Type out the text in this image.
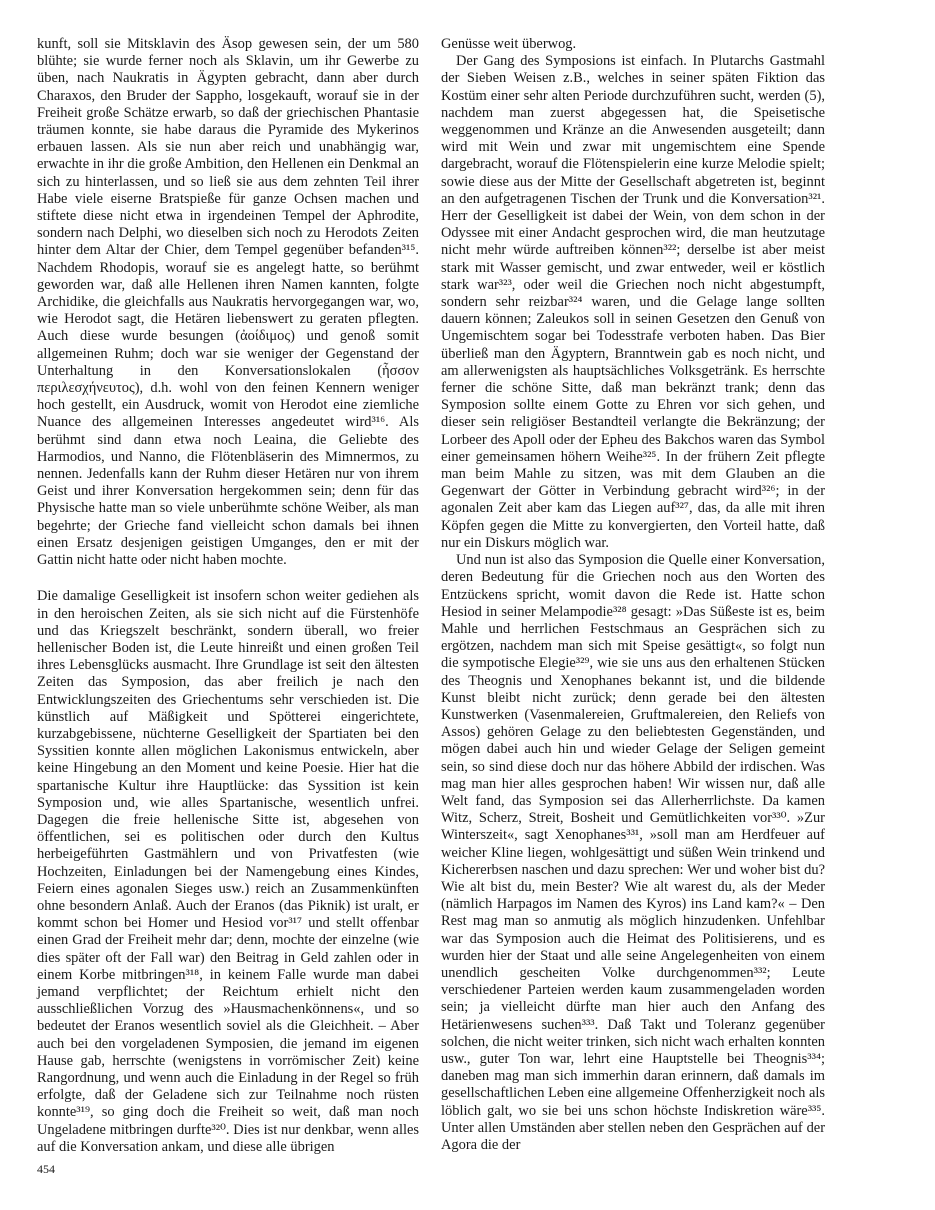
kunft, soll sie Mitsklavin des Äsop gewesen sein, der um 580 blühte; sie wurde ferner noch als Sklavin, um ihr Gewerbe zu üben, nach Naukratis in Ägypten gebracht, dann aber durch Charaxos, den Bruder der Sappho, losgekauft, worauf sie in der Freiheit große Schätze erwarb, so daß der griechischen Phantasie träumen konnte, sie habe daraus die Pyramide des Mykerinos erbauen lassen. Als sie nun aber reich und unabhängig war, erwachte in ihr die große Ambition, den Hellenen ein Denkmal an sich zu hinterlassen, und so ließ sie aus dem zehnten Teil ihrer Habe viele eiserne Bratspieße für ganze Ochsen machen und stiftete diese nicht etwa in irgendeinen Tempel der Aphrodite, sondern nach Delphi, wo dieselben sich noch zu Herodots Zeiten hinter dem Altar der Chier, dem Tempel gegenüber befanden³¹⁵. Nachdem Rhodopis, worauf sie es angelegt hatte, so berühmt geworden war, daß alle Hellenen ihren Namen kannten, folgte Archidike, die gleichfalls aus Naukratis hervorgegangen war, wo, wie Herodot sagt, die Hetären liebenswert zu geraten pflegten. Auch diese wurde besungen (ἀοίδιμος) und genoß somit allgemeinen Ruhm; doch war sie weniger der Gegenstand der Unterhaltung in den Konversationslokalen (ἧσσον περιλεσχήνευτος), d.h. wohl von den feinen Kennern weniger hoch gestellt, ein Ausdruck, womit von Herodot eine ziemliche Nuance des allgemeinen Interesses angedeutet wird³¹⁶. Als berühmt sind dann etwa noch Leaina, die Geliebte des Harmodios, und Nanno, die Flötenbläserin des Mimnermos, zu nennen. Jedenfalls kann der Ruhm dieser Hetären nur von ihrem Geist und ihrer Konversation hergekommen sein; denn für das Physische hatte man so viele unberühmte schöne Weiber, als man begehrte; der Grieche fand vielleicht schon damals bei ihnen einen Ersatz desjenigen geistigen Umganges, den er mit der Gattin nicht hatte oder nicht haben mochte.

Die damalige Geselligkeit ist insofern schon weiter gediehen als in den heroischen Zeiten, als sie sich nicht auf die Fürstenhöfe und das Kriegszelt beschränkt, sondern überall, wo freier hellenischer Boden ist, die Leute hinreißt und einen großen Teil ihres Lebensglücks ausmacht. Ihre Grundlage ist seit den ältesten Zeiten das Symposion, das aber freilich je nach den Entwicklungszeiten des Griechentums sehr verschieden ist. Die künstlich auf Mäßigkeit und Spötterei eingerichtete, kurzabgebissene, nüchterne Geselligkeit der Spartiaten bei den Syssitien konnte allen möglichen Lakonismus entwickeln, aber keine Hingebung an den Moment und keine Poesie. Hier hat die spartanische Kultur ihre Hauptlücke: das Syssition ist kein Symposion und, wie alles Spartanische, wesentlich unfrei. Dagegen die freie hellenische Sitte ist, abgesehen von öffentlichen, sei es politischen oder durch den Kultus herbeigeführten Gastmählern und von Privatfesten (wie Hochzeiten, Einladungen bei der Namengebung eines Kindes, Feiern eines agonalen Sieges usw.) reich an Zusammenkünften ohne besondern Anlaß. Auch der Eranos (das Piknik) ist uralt, er kommt schon bei Homer und Hesiod vor³¹⁷ und stellt offenbar einen Grad der Freiheit mehr dar; denn, mochte der einzelne (wie dies später oft der Fall war) den Beitrag in Geld zahlen oder in einem Korbe mitbringen³¹⁸, in keinem Falle wurde man dabei jemand verpflichtet; der Reichtum erhielt nicht den ausschließlichen Vorzug des »Hausmachenkönnens«, und so bedeutet der Eranos wesentlich soviel als die Gleichheit. – Aber auch bei den vorgeladenen Symposien, die jemand im eigenen Hause gab, herrschte (wenigstens in vorrömischer Zeit) keine Rangordnung, und wenn auch die Einladung in der Regel so früh erfolgte, daß der Geladene sich zur Teilnahme noch rüsten konnte³¹⁹, so ging doch die Freiheit so weit, daß man noch Ungeladene mitbringen durfte³²⁰. Dies ist nur denkbar, wenn alles auf die Konversation ankam, und diese alle übrigen

Genüsse weit überwog.

Der Gang des Symposions ist einfach. In Plutarchs Gastmahl der Sieben Weisen z.B., welches in seiner späten Fiktion das Kostüm einer sehr alten Periode durchzuführen sucht, werden (5), nachdem man zuerst abgegessen hat, die Speisetische weggenommen und Kränze an die Anwesenden ausgeteilt; dann wird mit Wein und zwar mit ungemischtem eine Spende dargebracht, worauf die Flötenspielerin eine kurze Melodie spielt; sowie diese aus der Mitte der Gesellschaft abgetreten ist, beginnt an den aufgetragenen Tischen der Trunk und die Konversation³²¹. Herr der Geselligkeit ist dabei der Wein, von dem schon in der Odyssee mit einer Andacht gesprochen wird, die man heutzutage nicht mehr würde auftreiben können³²²; derselbe ist aber meist stark mit Wasser gemischt, und zwar entweder, weil er köstlich stark war³²³, oder weil die Griechen noch nicht abgestumpft, sondern sehr reizbar³²⁴ waren, und die Gelage lange sollten dauern können; Zaleukos soll in seinen Gesetzen den Genuß von Ungemischtem sogar bei Todesstrafe verboten haben. Das Bier überließ man den Ägyptern, Branntwein gab es noch nicht, und am allerwenigsten als hauptsächliches Volksgetränk. Es herrschte ferner die schöne Sitte, daß man bekränzt trank; denn das Symposion sollte einem Gotte zu Ehren vor sich gehen, und dieser sein religiöser Bestandteil verlangte die Bekränzung; der Lorbeer des Apoll oder der Epheu des Bakchos waren das Symbol einer gemeinsamen höhern Weihe³²⁵. In der frühern Zeit pflegte man beim Mahle zu sitzen, was mit dem Glauben an die Gegenwart der Götter in Verbindung gebracht wird³²⁶; in der agonalen Zeit aber kam das Liegen auf³²⁷, das, da alle mit ihren Köpfen gegen die Mitte zu konvergierten, den Vorteil hatte, daß nur ein Diskurs möglich war.

Und nun ist also das Symposion die Quelle einer Konversation, deren Bedeutung für die Griechen noch aus den Worten des Entzückens spricht, womit davon die Rede ist. Hatte schon Hesiod in seiner Melampodie³²⁸ gesagt: »Das Süßeste ist es, beim Mahle und herrlichen Festschmaus an Gesprächen sich zu ergötzen, nachdem man sich mit Speise gesättigt«, so folgt nun die sympotische Elegie³²⁹, wie sie uns aus den erhaltenen Stücken des Theognis und Xenophanes bekannt ist, und die bildende Kunst bleibt nicht zurück; denn gerade bei den ältesten Kunstwerken (Vasenmalereien, Gruftmalereien, den Reliefs von Assos) gehören Gelage zu den beliebtesten Gegenständen, und mögen dabei auch hin und wieder Gelage der Seligen gemeint sein, so sind diese doch nur das höhere Abbild der irdischen. Was mag man hier alles gesprochen haben! Wir wissen nur, daß alle Welt fand, das Symposion sei das Allerherrlichste. Da kamen Witz, Scherz, Streit, Bosheit und Gemütlichkeiten vor³³⁰. »Zur Winterszeit«, sagt Xenophanes³³¹, »soll man am Herdfeuer auf weicher Kline liegen, wohlgesättigt und süßen Wein trinkend und Kichererbsen naschen und dazu sprechen: Wer und woher bist du? Wie alt bist du, mein Bester? Wie alt warest du, als der Meder (nämlich Harpagos im Namen des Kyros) ins Land kam?« – Den Rest mag man so anmutig als möglich hinzudenken. Unfehlbar war das Symposion auch die Heimat des Politisierens, und es wurden hier der Staat und alle seine Angelegenheiten von einem unendlich gescheiten Volke durchgenommen³³²; Leute verschiedener Parteien werden kaum zusammengeladen worden sein; ja vielleicht dürfte man hier auch den Anfang des Hetärienwesens suchen³³³. Daß Takt und Toleranz gegenüber solchen, die nicht weiter trinken, sich nicht wach erhalten konnten usw., guter Ton war, lehrt eine Hauptstelle bei Theognis³³⁴; daneben mag man sich immerhin daran erinnern, daß damals im gesellschaftlichen Leben eine allgemeine Offenherzigkeit noch als löblich galt, wo sie bei uns schon höchste Indiskretion wäre³³⁵. Unter allen Umständen aber stellen neben den Gesprächen auf der Agora die der

454
